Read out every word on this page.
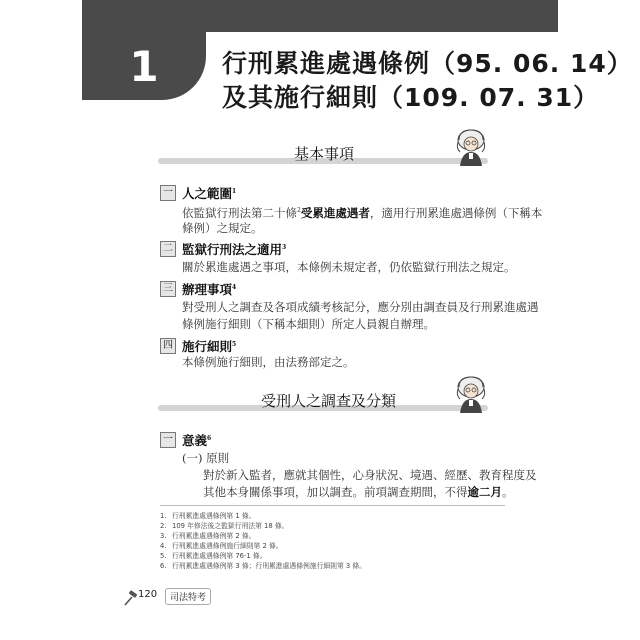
1	行刑累進處遇條例（95. 06. 14）
及其施行細則（109. 07. 31）
基本事項
一 人之範圍$^1$
依監獄行刑法第二十條$^2$受累進處遇者，適用行刑累進處遇條例（下稱本
條例）之規定。
二 監獄行刑法之適用$^3$
關於累進處遇之事項，本條例未規定者，仍依監獄行刑法之規定。
三 辦理事項$^4$
對受刑人之調查及各項成績考核記分，應分別由調查員及行刑累進處遇
條例施行細則（下稱本細則）所定人員親自辦理。
四 施行細則$^5$
本條例施行細則，由法務部定之。
受刑人之調查及分類
一 意義$^6$
(一) 原則
對於新入監者，應就其個性，心身狀況、境遇、經歷、教育程度及
其他本身關係事項，加以調查。前項調查期間，不得逾二月。
1. 行刑累進處遇條例第 1 條。
2. 109 年修法後之監獄行刑法第 18 條。
3. 行刑累進處遇條例第 2 條。
4. 行刑累進處遇條例施行細則第 2 條。
5. 行刑累進處遇條例第 76-1 條。
6. 行刑累進處遇條例第 3 條；行刑累進處遇條例施行細則第 3 條。
120	司法特考
